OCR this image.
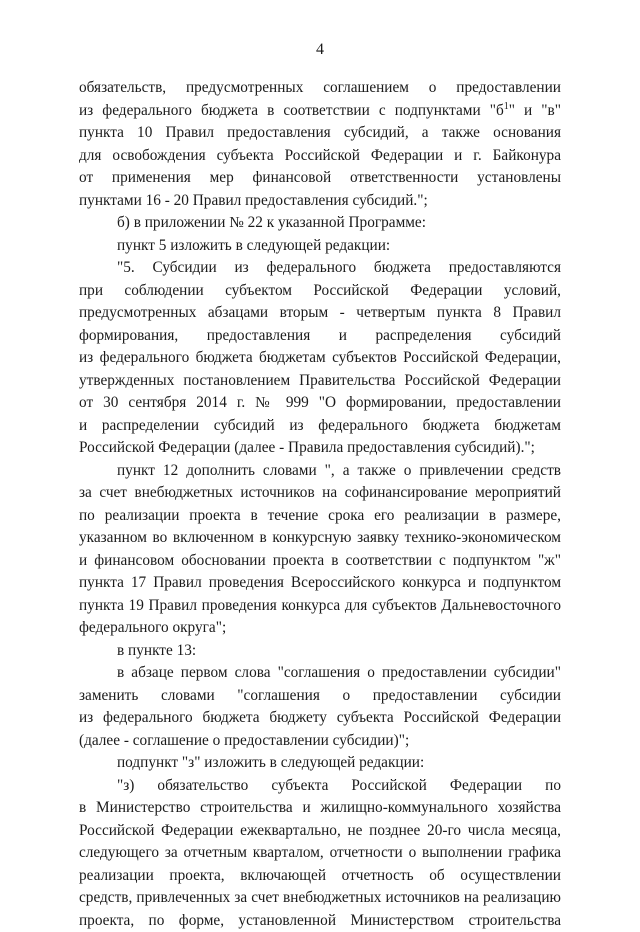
4
обязательств, предусмотренных соглашением о предоставлении
из федерального бюджета в соответствии с подпунктами "$б^1$" и "в"
пункта 10 Правил предоставления субсидий, а также основания
для освобождения субъекта Российской Федерации и г. Байконура
от применения мер финансовой ответственности установлены
пунктами 16 - 20 Правил предоставления субсидий.";
б) в приложении № 22 к указанной Программе:
пункт 5 изложить в следующей редакции:
"5. Субсидии из федерального бюджета предоставляются
при соблюдении субъектом Российской Федерации условий,
предусмотренных абзацами вторым - четвертым пункта 8 Правил
формирования, предоставления и распределения субсидий
из федерального бюджета бюджетам субъектов Российской Федерации,
утвержденных постановлением Правительства Российской Федерации
от 30 сентября 2014 г. № 999 "О формировании, предоставлении
и распределении субсидий из федерального бюджета бюджетам
Российской Федерации (далее - Правила предоставления субсидий).";
пункт 12 дополнить словами ", а также о привлечении средств
за счет внебюджетных источников на софинансирование мероприятий
по реализации проекта в течение срока его реализации в размере,
указанном во включенном в конкурсную заявку технико-экономическом
и финансовом обосновании проекта в соответствии с подпунктом "ж"
пункта 17 Правил проведения Всероссийского конкурса и подпунктом
пункта 19 Правил проведения конкурса для субъектов Дальневосточного
федерального округа";
в пункте 13:
в абзаце первом слова "соглашения о предоставлении субсидии"
заменить словами "соглашения о предоставлении субсидии
из федерального бюджета бюджету субъекта Российской Федерации
(далее - соглашение о предоставлении субсидии)";
подпункт "з" изложить в следующей редакции:
"з) обязательство субъекта Российской Федерации по
в Министерство строительства и жилищно-коммунального хозяйства
Российской Федерации ежеквартально, не позднее 20-го числа месяца,
следующего за отчетным кварталом, отчетности о выполнении графика
реализации проекта, включающей отчетность об осуществлении
средств, привлеченных за счет внебюджетных источников на реализацию
проекта, по форме, установленной Министерством строительства
